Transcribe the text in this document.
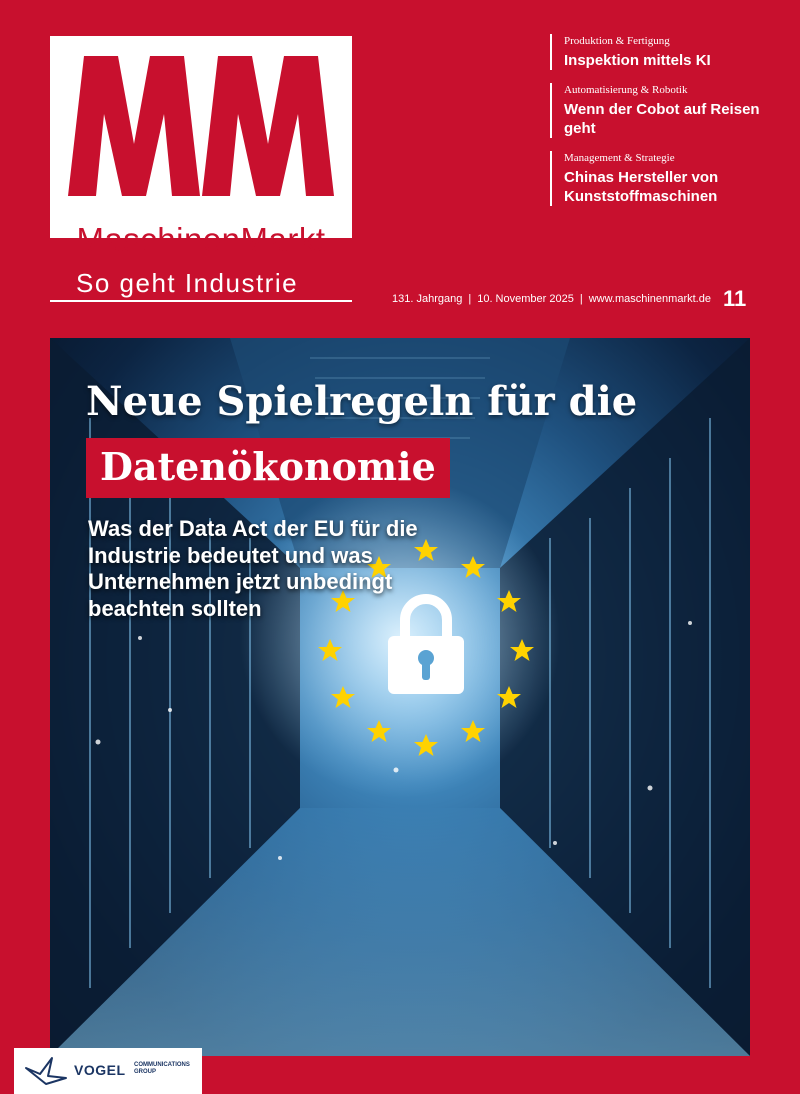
MaschinenMarkt
So geht Industrie
Produktion & Fertigung
Inspektion mittels KI
Automatisierung & Robotik
Wenn der Cobot auf Reisen geht
Management & Strategie
Chinas Hersteller von Kunststoffmaschinen
131. Jahrgang | 10. November 2025 | www.maschinenmarkt.de 11
Neue Spielregeln für die
Datenökonomie
Was der Data Act der EU für die Industrie bedeutet und was Unternehmen jetzt unbedingt beachten sollten
VOGEL COMMUNICATIONS
GROUP
